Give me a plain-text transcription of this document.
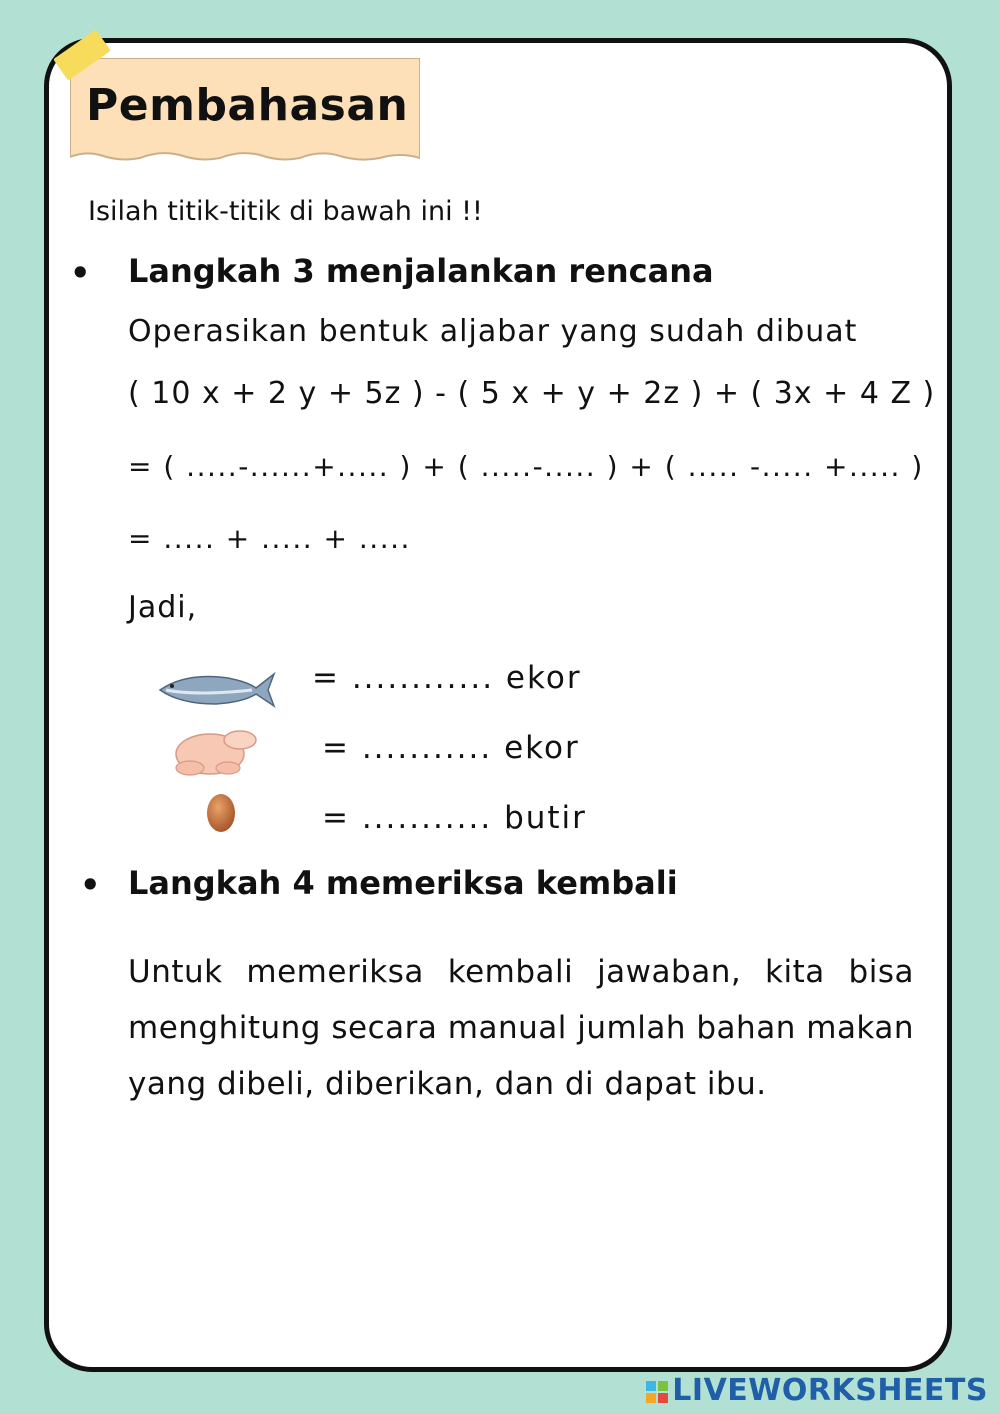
Pembahasan
Isilah titik-titik di bawah ini !!
• Langkah 3 menjalankan rencana
Operasikan bentuk aljabar yang sudah dibuat
( 10 x + 2 y + 5z ) - ( 5 x + y + 2z ) + ( 3x + 4 Z )
= ( .....-......+..... ) + ( .....-..... ) + ( ..... -..... +..... )
= ..... + ..... + .....
Jadi,
= ............ ekor
= ........... ekor
= ........... butir
• Langkah 4 memeriksa kembali
Untuk memeriksa kembali jawaban, kita bisa menghitung secara manual jumlah bahan makan yang dibeli, diberikan, dan di dapat ibu.
LIVEWORKSHEETS
